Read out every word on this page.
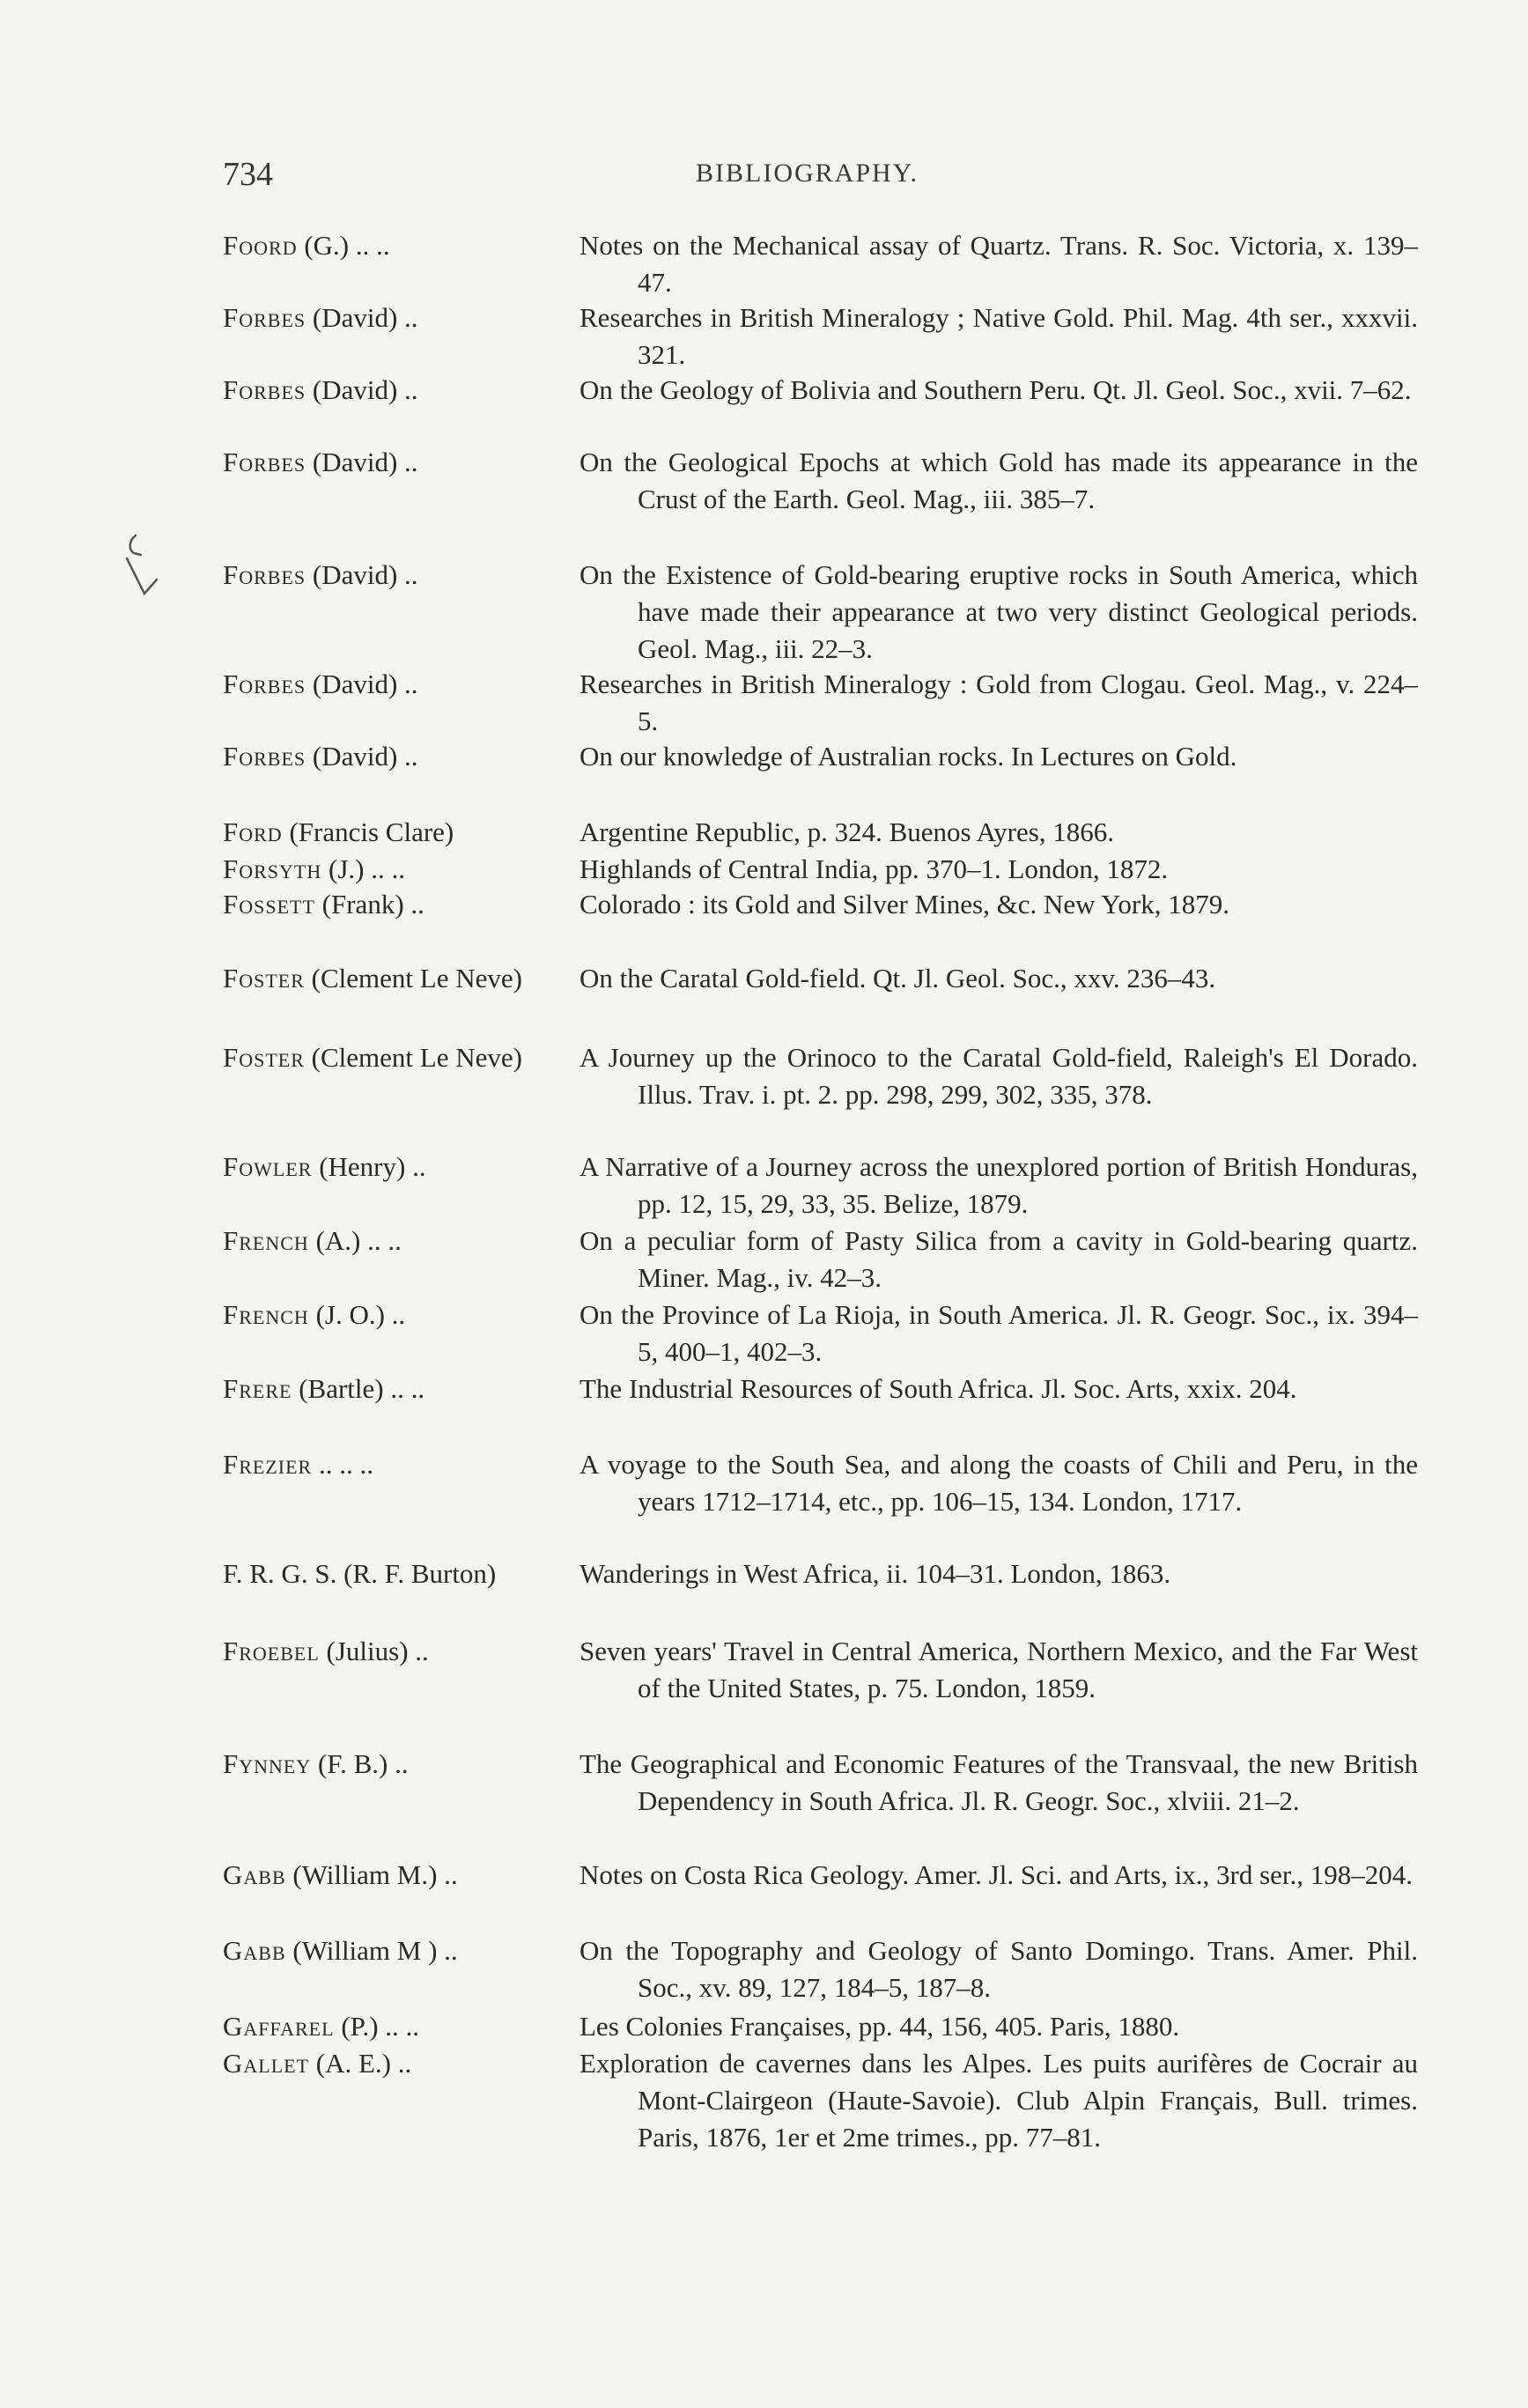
734	BIBLIOGRAPHY.
Foord (G.) .. ..	Notes on the Mechanical assay of Quartz. Trans. R. Soc. Victoria, x. 139–47.
Forbes (David) ..	Researches in British Mineralogy ; Native Gold. Phil. Mag. 4th ser., xxxvii. 321.
Forbes (David) ..	On the Geology of Bolivia and Southern Peru. Qt. Jl. Geol. Soc., xvii. 7–62.
Forbes (David) ..	On the Geological Epochs at which Gold has made its appearance in the Crust of the Earth. Geol. Mag., iii. 385–7.
Forbes (David) ..	On the Existence of Gold-bearing eruptive rocks in South America, which have made their appearance at two very distinct Geological periods. Geol. Mag., iii. 22–3.
Forbes (David) ..	Researches in British Mineralogy : Gold from Clogau. Geol. Mag., v. 224–5.
Forbes (David) ..	On our knowledge of Australian rocks. In Lectures on Gold.
Ford (Francis Clare)	Argentine Republic, p. 324. Buenos Ayres, 1866.
Forsyth (J.) .. ..	Highlands of Central India, pp. 370–1. London, 1872.
Fossett (Frank) ..	Colorado : its Gold and Silver Mines, &c. New York, 1879.
Foster (Clement Le Neve)	On the Caratal Gold-field. Qt. Jl. Geol. Soc., xxv. 236–43.
Foster (Clement Le Neve)	A Journey up the Orinoco to the Caratal Gold-field, Raleigh's El Dorado. Illus. Trav. i. pt. 2. pp. 298, 299, 302, 335, 378.
Fowler (Henry) ..	A Narrative of a Journey across the unexplored portion of British Honduras, pp. 12, 15, 29, 33, 35. Belize, 1879.
French (A.) .. ..	On a peculiar form of Pasty Silica from a cavity in Gold-bearing quartz. Miner. Mag., iv. 42–3.
French (J. O.) ..	On the Province of La Rioja, in South America. Jl. R. Geogr. Soc., ix. 394–5, 400–1, 402–3.
Frere (Bartle) .. ..	The Industrial Resources of South Africa. Jl. Soc. Arts, xxix. 204.
Frezier .. .. ..	A voyage to the South Sea, and along the coasts of Chili and Peru, in the years 1712–1714, etc., pp. 106–15, 134. London, 1717.
F. R. G. S. (R. F. Burton)	Wanderings in West Africa, ii. 104–31. London, 1863.
Froebel (Julius) ..	Seven years' Travel in Central America, Northern Mexico, and the Far West of the United States, p. 75. London, 1859.
Fynney (F. B.) ..	The Geographical and Economic Features of the Transvaal, the new British Dependency in South Africa. Jl. R. Geogr. Soc., xlviii. 21–2.
Gabb (William M.) ..	Notes on Costa Rica Geology. Amer. Jl. Sci. and Arts, ix., 3rd ser., 198–204.
Gabb (William M ) ..	On the Topography and Geology of Santo Domingo. Trans. Amer. Phil. Soc., xv. 89, 127, 184–5, 187–8.
Gaffarel (P.) .. ..	Les Colonies Françaises, pp. 44, 156, 405. Paris, 1880.
Gallet (A. E.) ..	Exploration de cavernes dans les Alpes. Les puits aurifères de Cocrair au Mont-Clairgeon (Haute-Savoie). Club Alpin Français, Bull. trimes. Paris, 1876, 1er et 2me trimes., pp. 77–81.
